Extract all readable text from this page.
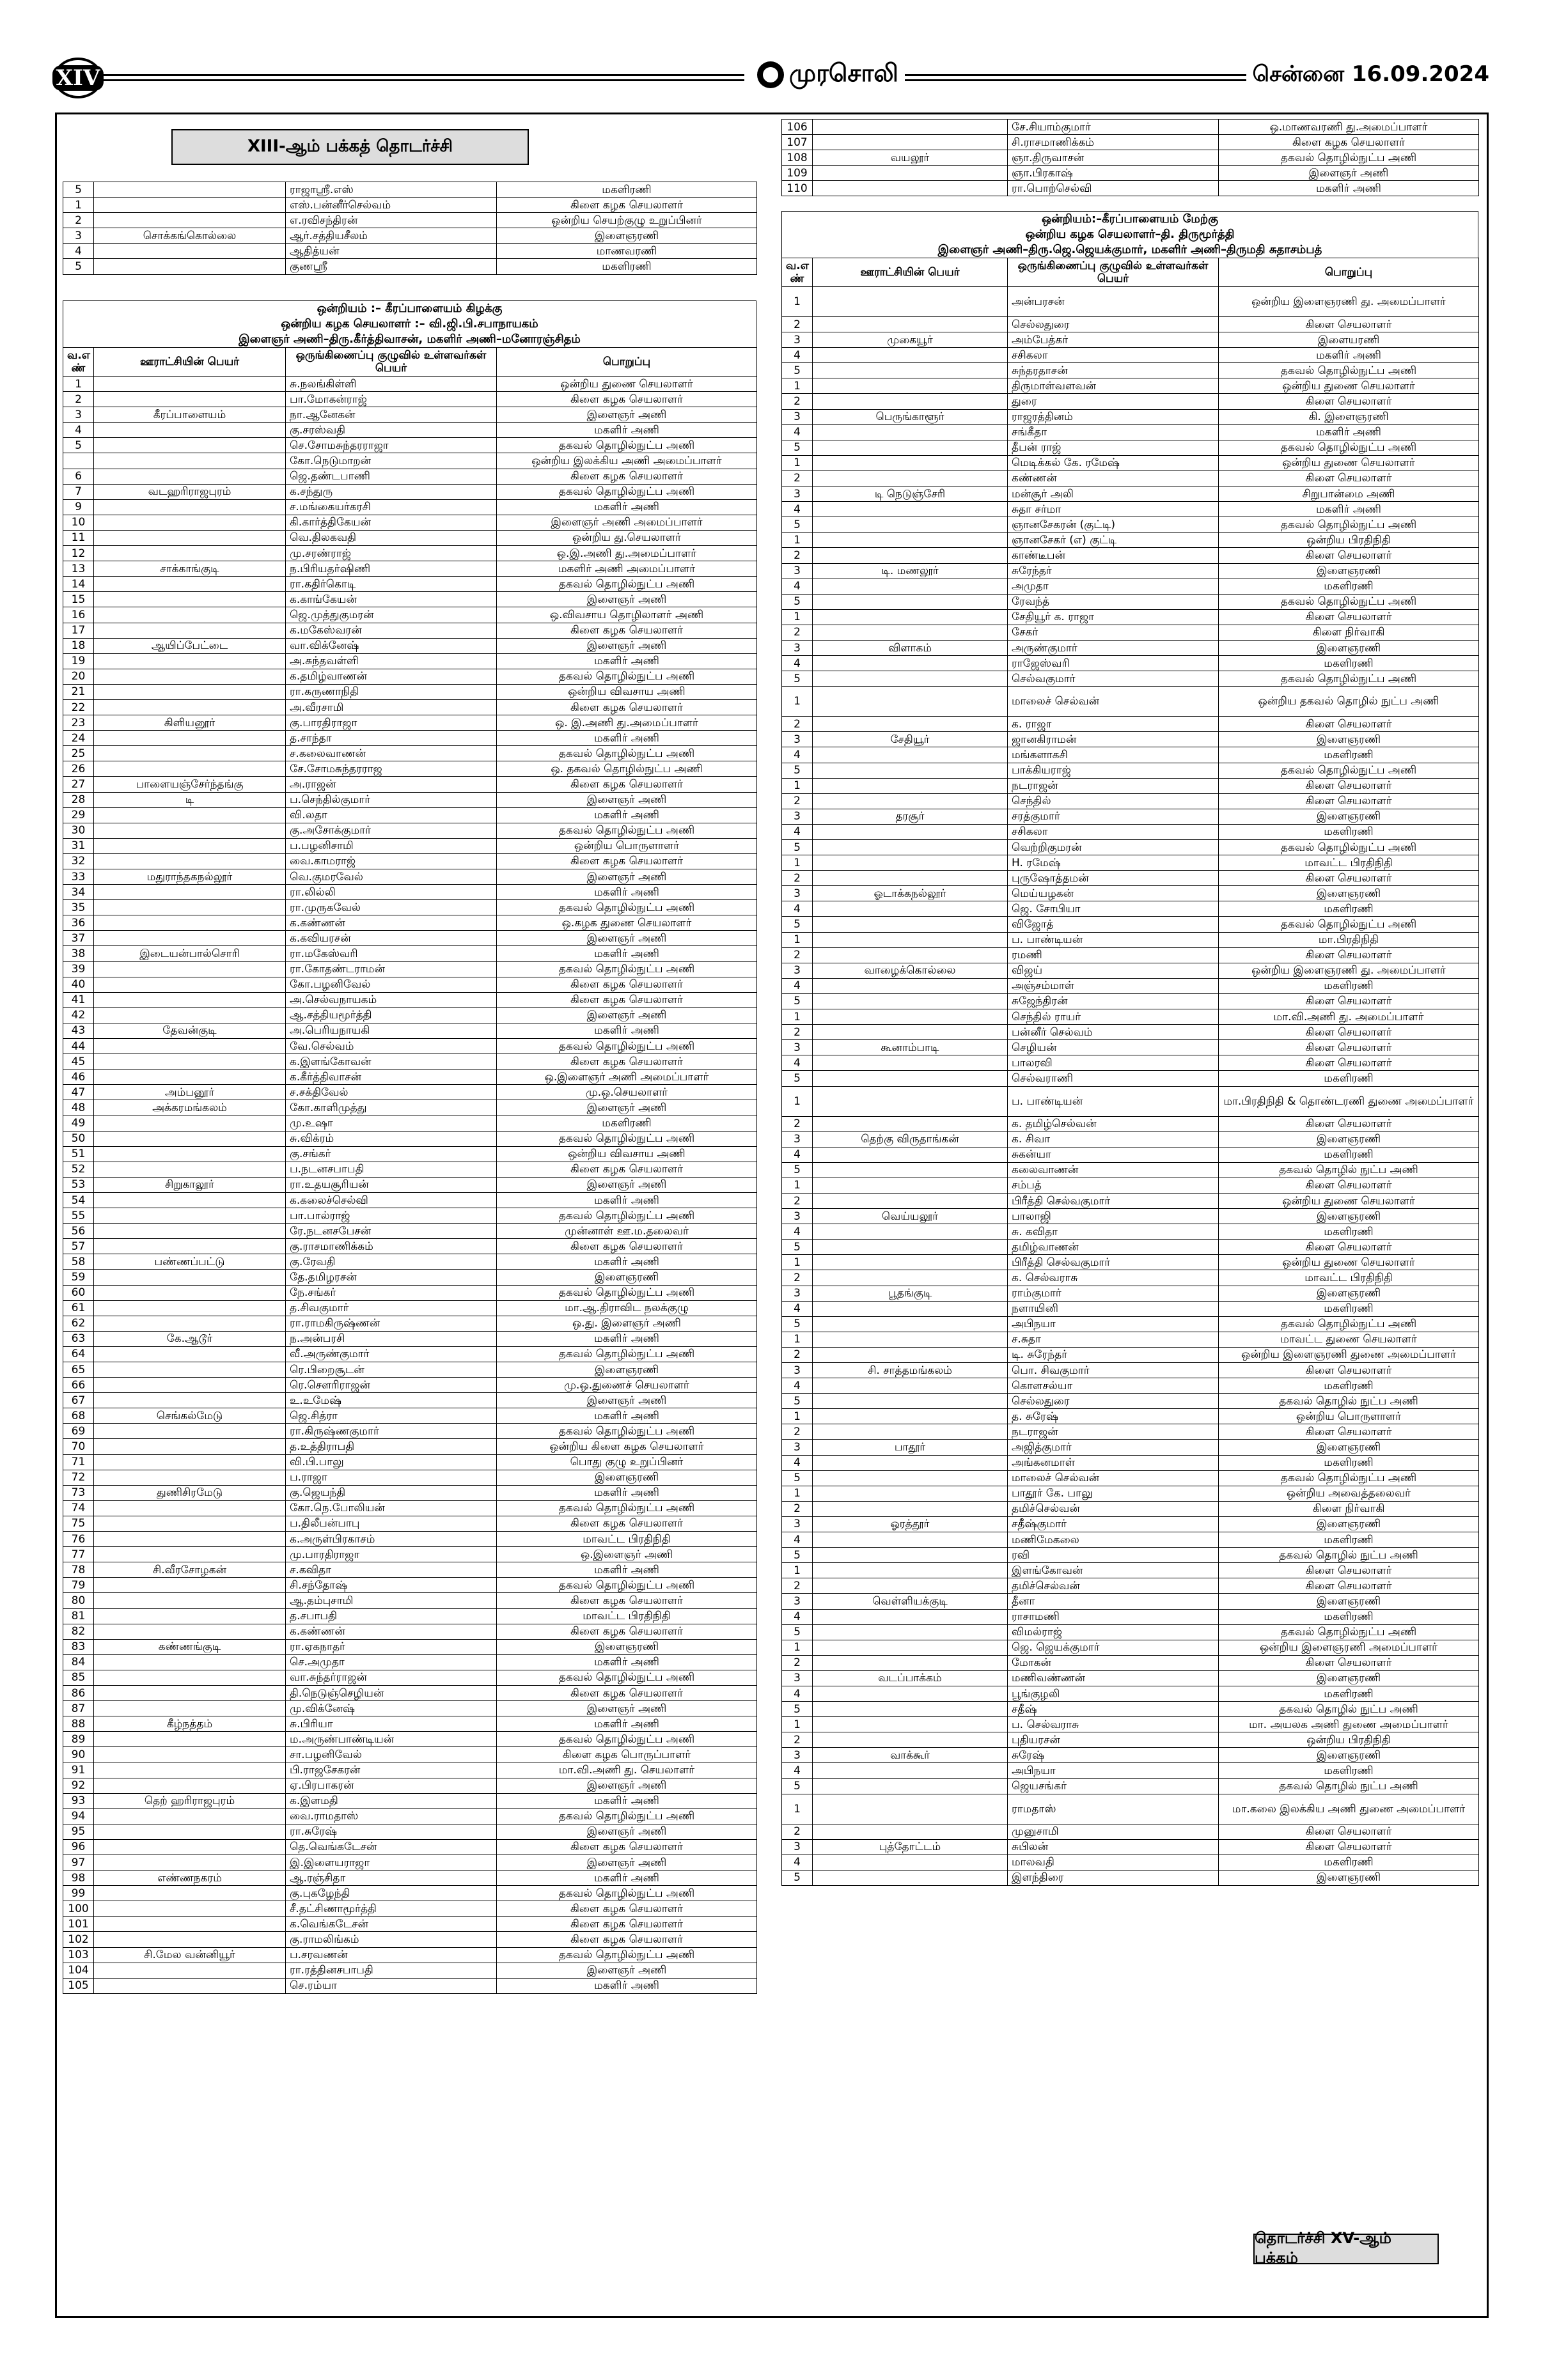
XIV	முரசொலி	சென்னை 16.09.2024
XIII-ஆம் பக்கத் தொடர்ச்சி
5		ராஜாஸ்ரீ.எஸ்	மகளிரணி
1		எஸ்.பன்னீர்செல்வம்	கிளை கழக செயலாளர்
2		எ.ரவிசந்திரன்	ஒன்றிய செயற்குழு உறுப்பினர்
3	சொக்கங்கொல்லை	ஆர்.சத்தியசீலம்	இளைஞரணி
4		ஆதித்யன்	மாணவரணி
5		குணஸ்ரீ	மகளிரணி
ஒன்றியம் :– கீரப்பாளையம் கிழக்கு
ஒன்றிய கழக செயலாளர் :– வி.ஜி.பி.சபாநாயகம்
இளைஞர் அணி–திரு.கீர்த்திவாசன், மகளிர் அணி–மனோரஞ்சிதம்
வ.எ ண்	ஊராட்சியின் பெயர்	ஒருங்கிணைப்பு குழுவில் உள்ளவர்கள் பெயர்	பொறுப்பு
1		சு.நலங்கிள்ளி	ஒன்றிய துணை செயலாளர்
2		பா.மோகன்ராஜ்	கிளை கழக செயலாளர்
3	கீரப்பாளையம்	நா.ஆனேகன்	இளைஞர் அணி
4		கு.சரஸ்வதி	மகளிர் அணி
5		செ.சோமசுந்தரராஜா	தகவல் தொழில்நுட்ப அணி
		கோ.நெடுமாறன்	ஒன்றிய இலக்கிய அணி அமைப்பாளர்
6		ஜெ.தண்டபாணி	கிளை கழக செயலாளர்
7	வடஹரிராஜபுரம்	க.சந்துரு	தகவல் தொழில்நுட்ப அணி
9		ச.மங்கையர்கரசி	மகளிர் அணி
10		கி.கார்த்திகேயன்	இளைஞர் அணி அமைப்பாளர்
11		வெ.திலகவதி	ஒன்றிய து.செயலாளர்
12		மு.சரண்ராஜ்	ஒ.இ.அணி து.அமைப்பாளர்
13	சாக்காங்குடி	ந.பிரியதர்ஷிணி	மகளிர் அணி அமைப்பாளர்
14		ரா.கதிர்கொடி	தகவல் தொழில்நுட்ப அணி
15		க.காங்கேயன்	இளைஞர் அணி
16		ஜெ.முத்துகுமரன்	ஒ.விவசாய தொழிலாளர் அணி
17		க.மகேஸ்வரன்	கிளை கழக செயலாளர்
18	ஆயிப்பேட்டை	வா.விக்னேஷ்	இளைஞர் அணி
19		அ.சுந்தவள்ளி	மகளிர் அணி
20		க.தமிழ்வாணன்	தகவல் தொழில்நுட்ப அணி
21		ரா.கருணாநிதி	ஒன்றிய விவசாய அணி
22		அ.வீரசாமி	கிளை கழக செயலாளர்
23	கிளியனூர்	கு.பாரதிராஜா	ஒ. இ.அணி து.அமைப்பாளர்
24		த.சாந்தா	மகளிர் அணி
25		ச.கலைவாணன்	தகவல் தொழில்நுட்ப அணி
26		சே.சோமசுந்தரராஜ	ஒ. தகவல் தொழில்நுட்ப அணி
27	பாளையஞ்சேர்ந்தங்கு	அ.ராஜன்	கிளை கழக செயலாளர்
28	டி	ப.செந்தில்குமார்	இளைஞர் அணி
29		வி.லதா	மகளிர் அணி
30		கு.அசோக்குமார்	தகவல் தொழில்நுட்ப அணி
31		ப.பழனிசாமி	ஒன்றிய பொருளாளர்
32		வை.காமராஜ்	கிளை கழக செயலாளர்
33	மதுராந்தகநல்லூர்	வெ.குமரவேல்	இளைஞர் அணி
34		ரா.லில்லி	மகளிர் அணி
35		ரா.முருகவேல்	தகவல் தொழில்நுட்ப அணி
36		க.கண்ணன்	ஒ.கழக துணை செயலாளர்
37		க.கவியரசன்	இளைஞர் அணி
38	இடையன்பால்சொரி	ரா.மகேஸ்வரி	மகளிர் அணி
39		ரா.கோதண்டராமன்	தகவல் தொழில்நுட்ப அணி
40		கோ.பழனிவேல்	கிளை கழக செயலாளர்
41		அ.செல்வநாயகம்	கிளை கழக செயலாளர்
42		ஆ.சத்தியமூர்த்தி	இளைஞர் அணி
43	தேவன்குடி	அ.பெரியநாயகி	மகளிர் அணி
44		வே.செல்வம்	தகவல் தொழில்நுட்ப அணி
45		க.இளங்கோவன்	கிளை கழக செயலாளர்
46		க.கீர்த்திவாசன்	ஒ.இளைஞர் அணி அமைப்பாளர்
47	அம்பனூர்	ச.சக்திவேல்	மு.ஒ.செயலாளர்
48	அக்கரமங்கலம்	கோ.காளிமுத்து	இளைஞர் அணி
49		மு.உஷா	மகளிரணி
50		சு.விக்ரம்	தகவல் தொழில்நுட்ப அணி
51		கு.சங்கர்	ஒன்றிய விவசாய அணி
52		ப.நடனசபாபதி	கிளை கழக செயலாளர்
53	சிறுகாலூர்	ரா.உதயசூரியன்	இளைஞர் அணி
54		க.கலைச்செல்வி	மகளிர் அணி
55		பா.பால்ராஜ்	தகவல் தொழில்நுட்ப அணி
56		ரே.நடனசபேசன்	முன்னாள் ஊ.ம.தலைவர்
57		கு.ராசமாணிக்கம்	கிளை கழக செயலாளர்
58	பண்ணப்பட்டு	கு.ரேவதி	மகளிர் அணி
59		தே.தமிழரசன்	இளைஞரணி
60		நே.சங்கர்	தகவல் தொழில்நுட்ப அணி
61		த.சிவகுமார்	மா.ஆ.திராவிட நலக்குழு
62		ரா.ராமகிருஷ்ணன்	ஒ.து. இளைஞர் அணி
63	கே.ஆடூர்	ந.அன்பரசி	மகளிர் அணி
64		வீ.அருண்குமார்	தகவல் தொழில்நுட்ப அணி
65		ரெ.பிறைசூடன்	இளைஞரணி
66		ரெ.சௌரிராஜன்	மு.ஒ.துணைச் செயலாளர்
67		உ.உமேஷ்	இளைஞர் அணி
68	செங்கல்மேடு	ஜெ.சித்ரா	மகளிர் அணி
69		ரா.கிருஷ்ணகுமார்	தகவல் தொழில்நுட்ப அணி
70		த.உத்திராபதி	ஒன்றிய கிளை கழக செயலாளர்
71		வி.பி.பாலு	பொது குழு உறுப்பினர்
72		ப.ராஜா	இளைஞரணி
73	துணிசிரமேடு	கு.ஜெயந்தி	மகளிர் அணி
74		கோ.நெ.போலியன்	தகவல் தொழில்நுட்ப அணி
75		ப.திலீபன்பாபு	கிளை கழக செயலாளர்
76		க.அருள்பிரகாசம்	மாவட்ட பிரதிநிதி
77		மு.பாரதிராஜா	ஒ.இளைஞர் அணி
78	சி.வீரசோழகன்	ச.கவிதா	மகளிர் அணி
79		சி.சந்தோஷ்	தகவல் தொழில்நுட்ப அணி
80		ஆ.தம்புசாமி	கிளை கழக செயலாளர்
81		த.சபாபதி	மாவட்ட பிரதிநிதி
82		க.கண்ணன்	கிளை கழக செயலாளர்
83	கண்ணங்குடி	ரா.ஏகநாதர்	இளைஞரணி
84		செ.அமுதா	மகளிர் அணி
85		வா.சுந்தர்ராஜன்	தகவல் தொழில்நுட்ப அணி
86		தி.நெடுஞ்செழியன்	கிளை கழக செயலாளர்
87		மு.விக்னேஷ்	இளைஞர் அணி
88	கீழ்நத்தம்	சு.பிரியா	மகளிர் அணி
89		ம.அருண்பாண்டியன்	தகவல் தொழில்நுட்ப அணி
90		சா.பழனிவேல்	கிளை கழக பொருப்பாளர்
91		பி.ராஜசேகரன்	மா.வி.அணி து. செயலாளர்
92		ஏ.பிரபாகரன்	இளைஞர் அணி
93	தெற் ஹரிராஜபுரம்	க.இளமதி	மகளிர் அணி
94		வை.ராமதாஸ்	தகவல் தொழில்நுட்ப அணி
95		ரா.சுரேஷ்	இளைஞர் அணி
96		தெ.வெங்கடேசன்	கிளை கழக செயலாளர்
97		இ.இளையராஜா	இளைஞர் அணி
98	எண்ணநகரம்	ஆ.ரஞ்சிதா	மகளிர் அணி
99		கு.புகழேந்தி	தகவல் தொழில்நுட்ப அணி
100		சீ.தட்சிணாமூர்த்தி	கிளை கழக செயலாளர்
101		க.வெங்கடேசன்	கிளை கழக செயலாளர்
102		கு.ராமலிங்கம்	கிளை கழக செயலாளர்
103	சி.மேல வன்னியூர்	ப.சரவணன்	தகவல் தொழில்நுட்ப அணி
104		ரா.ரத்தினசபாபதி	இளைஞர் அணி
105		செ.ரம்யா	மகளிர் அணி
106		சே.சியாம்குமார்	ஒ.மாணவரணி து.அமைப்பாளர்
107		சி.ராசமாணிக்கம்	கிளை கழக செயலாளர்
108	வயலூர்	ஞா.திருவாசன்	தகவல் தொழில்நுட்ப அணி
109		ஞா.பிரகாஷ்	இளைஞர் அணி
110		ரா.பொற்செல்வி	மகளிர் அணி
ஒன்றியம்:–கீரப்பாளையம் மேற்கு
ஒன்றிய கழக செயலாளர்–தி. திருமூர்த்தி
இளைஞர் அணி–திரு.ஜெ.ஜெயக்குமார், மகளிர் அணி–திருமதி சுதாசம்பத்
வ.எ ண்	ஊராட்சியின் பெயர்	ஒருங்கிணைப்பு குழுவில் உள்ளவர்கள் பெயர்	பொறுப்பு
1		அன்பரசன்	ஒன்றிய இளைஞரணி து. அமைப்பாளர்
2		செல்லதுரை	கிளை செயலாளர்
3	முகையூர்	அம்பேத்கர்	இளையரணி
4		சசிகலா	மகளிர் அணி
5		சுந்தரதாசன்	தகவல் தொழில்நுட்ப அணி
1		திருமாள்வளவன்	ஒன்றிய துணை செயலாளர்
2		துரை	கிளை செயலாளர்
3	பெருங்காளூர்	ராஜரத்தினம்	கி. இளைஞரணி
4		சங்கீதா	மகளிர் அணி
5		தீபன் ராஜ்	தகவல் தொழில்நுட்ப அணி
1		மெடிக்கல் கே. ரமேஷ்	ஒன்றிய துணை செயலாளர்
2		கண்ணன்	கிளை செயலாளர்
3	டி நெடுஞ்சேரி	மன்சூர் அலி	சிறுபான்மை அணி
4		சுதா சர்மா	மகளிர் அணி
5		ஞானசேகரன் (குட்டி)	தகவல் தொழில்நுட்ப அணி
1		ஞானசேகர் (எ) குட்டி	ஒன்றிய பிரதிநிதி
2		காண்டீபன்	கிளை செயலாளர்
3	டி. மணலூர்	சுரேந்தர்	இளைஞரணி
4		அமுதா	மகளிரணி
5		ரேவந்த்	தகவல் தொழில்நுட்ப அணி
1		சேதியூர் க. ராஜா	கிளை செயலாளர்
2		சேகர்	கிளை நிர்வாகி
3	விளாகம்	அருண்குமார்	இளைஞரணி
4		ராஜேஸ்வரி	மகளிரணி
5		செல்வகுமார்	தகவல் தொழில்நுட்ப அணி
1		மாலைச் செல்வன்	ஒன்றிய தகவல் தொழில் நுட்ப அணி
2		க. ராஜா	கிளை செயலாளர்
3	சேதியூர்	ஜானகிராமன்	இளைஞரணி
4		மங்களாகசி	மகளிரணி
5		பாக்கியராஜ்	தகவல் தொழில்நுட்ப அணி
1		நடராஜன்	கிளை செயலாளர்
2		செந்தில்	கிளை செயலாளர்
3	தரசூர்	சரத்குமார்	இளைஞரணி
4		சசிகலா	மகளிரணி
5		வெற்றிகுமரன்	தகவல் தொழில்நுட்ப அணி
1		H. ரமேஷ்	மாவட்ட பிரதிநிதி
2		புருஷோத்தமன்	கிளை செயலாளர்
3	ஓடாக்கநல்லூர்	மெய்யழகன்	இளைஞரணி
4		ஜெ. சோபியா	மகளிரணி
5		விஜோத்	தகவல் தொழில்நுட்ப அணி
1		ப. பாண்டியன்	மா.பிரதிநிதி
2		ரமணி	கிளை செயலாளர்
3	வாழைக்கொல்லை	விஜய்	ஒன்றிய இளைஞரணி து. அமைப்பாளர்
4		அஞ்சம்மாள்	மகளிரணி
5		சுஜேந்திரன்	கிளை செயலாளர்
1		செந்தில் ராயர்	மா.வி.அணி து. அமைப்பாளர்
2		பன்னீர் செல்வம்	கிளை செயலாளர்
3	கூனாம்பாடி	செழியன்	கிளை செயலாளர்
4		பாலரவி	கிளை செயலாளர்
5		செல்வராணி	மகளிரணி
1		ப. பாண்டியன்	மா.பிரதிநிதி & தொண்டரணி துணை அமைப்பாளர்
2		க. தமிழ்செல்வன்	கிளை செயலாளர்
3	தெற்கு விருதாங்கன்	க. சிவா	இளைஞரணி
4		சுகன்யா	மகளிரணி
5		கலைவாணன்	தகவல் தொழில் நுட்ப அணி
1		சம்பத்	கிளை செயலாளர்
2		பிரீத்தி செல்வகுமார்	ஒன்றிய துணை செயலாளர்
3	வெய்யலூர்	பாலாஜி	இளைஞரணி
4		சு. கவிதா	மகளிரணி
5		தமிழ்வாணன்	கிளை செயலாளர்
1		பிரீத்தி செல்வகுமார்	ஒன்றிய துணை செயலாளர்
2		க. செல்வராசு	மாவட்ட பிரதிநிதி
3	பூதங்குடி	ராம்குமார்	இளைஞரணி
4		நளாயினி	மகளிரணி
5		அபிநயா	தகவல் தொழில்நுட்ப அணி
1		ச.சுதா	மாவட்ட துணை செயலாளர்
2		டி. சுரேந்தர்	ஒன்றிய இளைஞரணி துணை அமைப்பாளர்
3	சி. சாத்தமங்கலம்	பொ. சிவகுமார்	கிளை செயலாளர்
4		கொளசல்யா	மகளிரணி
5		செல்லதுரை	தகவல் தொழில் நுட்ப அணி
1		த. சுரேஷ்	ஒன்றிய பொருளாளர்
2		நடராஜன்	கிளை செயலாளர்
3	பாதூர்	அஜித்குமார்	இளைஞரணி
4		அங்கனமாள்	மகளிரணி
5		மாலைச் செல்வன்	தகவல் தொழில்நுட்ப அணி
1		பாதூர் கே. பாலு	ஒன்றிய அவைத்தலைவர்
2		தமிச்செல்வன்	கிளை நிர்வாகி
3	ஓரத்தூர்	சதீஷ்குமார்	இளைஞரணி
4		மணிமேகலை	மகளிரணி
5		ரவி	தகவல் தொழில் நுட்ப அணி
1		இளங்கோவன்	கிளை செயலாளர்
2		தமிச்செல்வன்	கிளை செயலாளர்
3	வெள்ளியக்குடி	தீனா	இளைஞரணி
4		ராசாமணி	மகளிரணி
5		விமல்ராஜ்	தகவல் தொழில்நுட்ப அணி
1		ஜெ. ஜெயக்குமார்	ஒன்றிய இளைஞரணி அமைப்பாளர்
2		மோகன்	கிளை செயலாளர்
3	வடப்பாக்கம்	மணிவண்ணன்	இளைஞரணி
4		பூங்குழலி	மகளிரணி
5		சதீஷ்	தகவல் தொழில் நுட்ப அணி
1		ப. செல்வராசு	மா. அயலக அணி துணை அமைப்பாளர்
2		புதியரசன்	ஒன்றிய பிரதிநிதி
3	வாக்கூர்	சுரேஷ்	இளைஞரணி
4		அபிநயா	மகளிரணி
5		ஜெயசங்கர்	தகவல் தொழில் நுட்ப அணி
1		ராமதாஸ்	மா.கலை இலக்கிய அணி துணை அமைப்பாளர்
2		முனுசாமி	கிளை செயலாளர்
3	புத்தோட்டம்	சுபிலன்	கிளை செயலாளர்
4		மாலவதி	மகளிரணி
5		இளந்திரை	இளைஞரணி
தொடர்ச்சி XV-ஆம் பக்கம்
